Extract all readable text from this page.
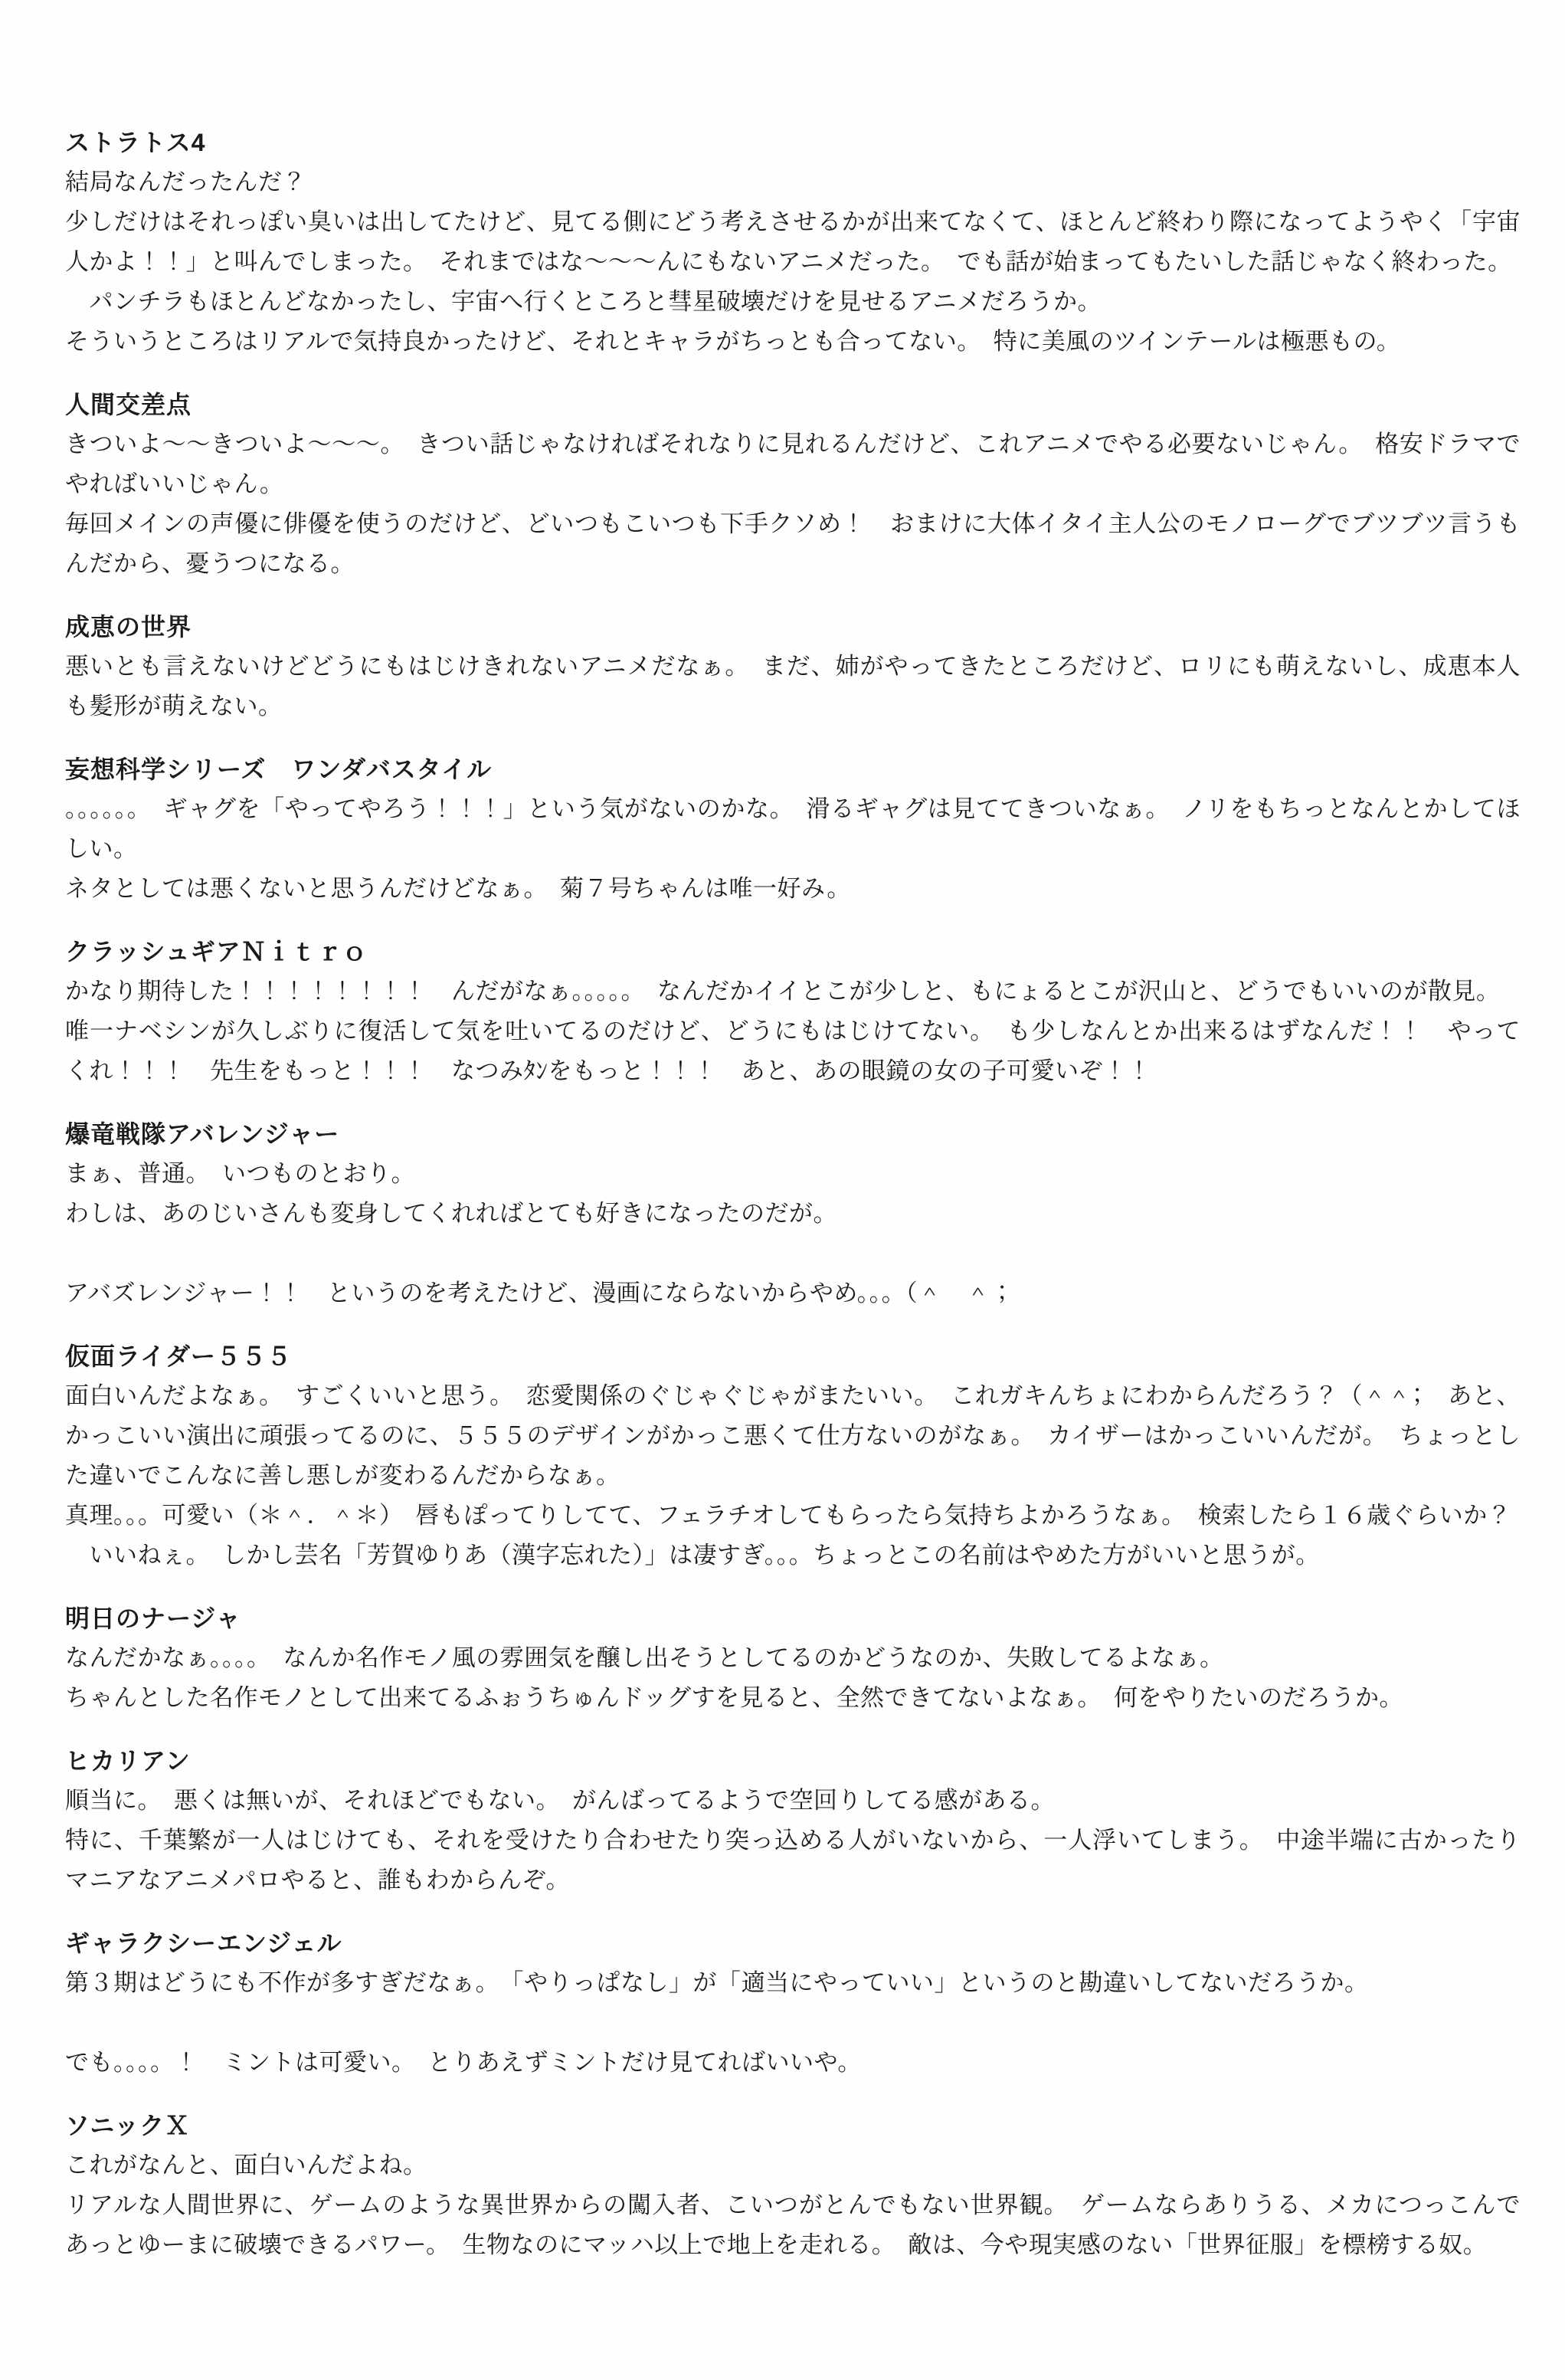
ストラトス4

結局なんだったんだ？

少しだけはそれっぽい臭いは出してたけど、見てる側にどう考えさせるかが出来てなくて、ほとんど終わり際になってようやく「宇宙人かよ！！」と叫んでしまった。　それまではな～～～んにもないアニメだった。　でも話が始まってもたいした話じゃなく終わった。

　パンチラもほとんどなかったし、宇宙へ行くところと彗星破壊だけを見せるアニメだろうか。

そういうところはリアルで気持良かったけど、それとキャラがちっとも合ってない。　特に美風のツインテールは極悪もの。

人間交差点

きついよ～～きついよ～～～。　きつい話じゃなければそれなりに見れるんだけど、これアニメでやる必要ないじゃん。　格安ドラマでやればいいじゃん。

毎回メインの声優に俳優を使うのだけど、どいつもこいつも下手クソめ！　おまけに大体イタイ主人公のモノローグでブツブツ言うもんだから、憂うつになる。

成恵の世界

悪いとも言えないけどどうにもはじけきれないアニメだなぁ。　まだ、姉がやってきたところだけど、ロリにも萌えないし、成恵本人も髪形が萌えない。

妄想科学シリーズ　ワンダバスタイル

｡｡｡｡｡｡　ギャグを「やってやろう！！！」という気がないのかな。　滑るギャグは見ててきついなぁ。　ノリをもちっとなんとかしてほしい。

ネタとしては悪くないと思うんだけどなぁ。　菊７号ちゃんは唯一好み。

クラッシュギアＮｉｔｒｏ

かなり期待した！！！！！！！！　んだがなぁ。。。。。　なんだかイイとこが少しと、もにょるとこが沢山と、どうでもいいのが散見。

唯一ナベシンが久しぶりに復活して気を吐いてるのだけど、どうにもはじけてない。　も少しなんとか出来るはずなんだ！！　やってくれ！！！　先生をもっと！！！　なつみﾀﾝをもっと！！！　あと、あの眼鏡の女の子可愛いぞ！！

爆竜戦隊アバレンジャー

まぁ、普通。　いつものとおり。

わしは、あのじいさんも変身してくれればとても好きになったのだが。

アバズレンジャー！！　というのを考えたけど、漫画にならないからやめ。。。（＾　＾；

仮面ライダー５５５

面白いんだよなぁ。　すごくいいと思う。　恋愛関係のぐじゃぐじゃがまたいい。　これガキんちょにわからんだろう？（＾＾；　あと、かっこいい演出に頑張ってるのに、５５５のデザインがかっこ悪くて仕方ないのがなぁ。　カイザーはかっこいいんだが。　ちょっとした違いでこんなに善し悪しが変わるんだからなぁ。

真理。。。可愛い（＊＾．＾＊）　唇もぽってりしてて、フェラチオしてもらったら気持ちよかろうなぁ。　検索したら１６歳ぐらいか？

　いいねぇ。　しかし芸名「芳賀ゆりあ（漢字忘れた）」は凄すぎ。。。ちょっとこの名前はやめた方がいいと思うが。

明日のナージャ

なんだかなぁ。。。。　なんか名作モノ風の雰囲気を醸し出そうとしてるのかどうなのか、失敗してるよなぁ。

ちゃんとした名作モノとして出来てるふぉうちゅんドッグすを見ると、全然できてないよなぁ。　何をやりたいのだろうか。

ヒカリアン

順当に。　悪くは無いが、それほどでもない。　がんばってるようで空回りしてる感がある。

特に、千葉繁が一人はじけても、それを受けたり合わせたり突っ込める人がいないから、一人浮いてしまう。　中途半端に古かったりマニアなアニメパロやると、誰もわからんぞ。

ギャラクシーエンジェル

第３期はどうにも不作が多すぎだなぁ。　「やりっぱなし」が「適当にやっていい」というのと勘違いしてないだろうか。

でも。。。。！　ミントは可愛い。　とりあえずミントだけ見てればいいや。

ソニックＸ

これがなんと、面白いんだよね。

リアルな人間世界に、ゲームのような異世界からの闖入者、こいつがとんでもない世界観。　ゲームならありうる、メカにつっこんであっとゆーまに破壊できるパワー。　生物なのにマッハ以上で地上を走れる。　敵は、今や現実感のない「世界征服」を標榜する奴。
